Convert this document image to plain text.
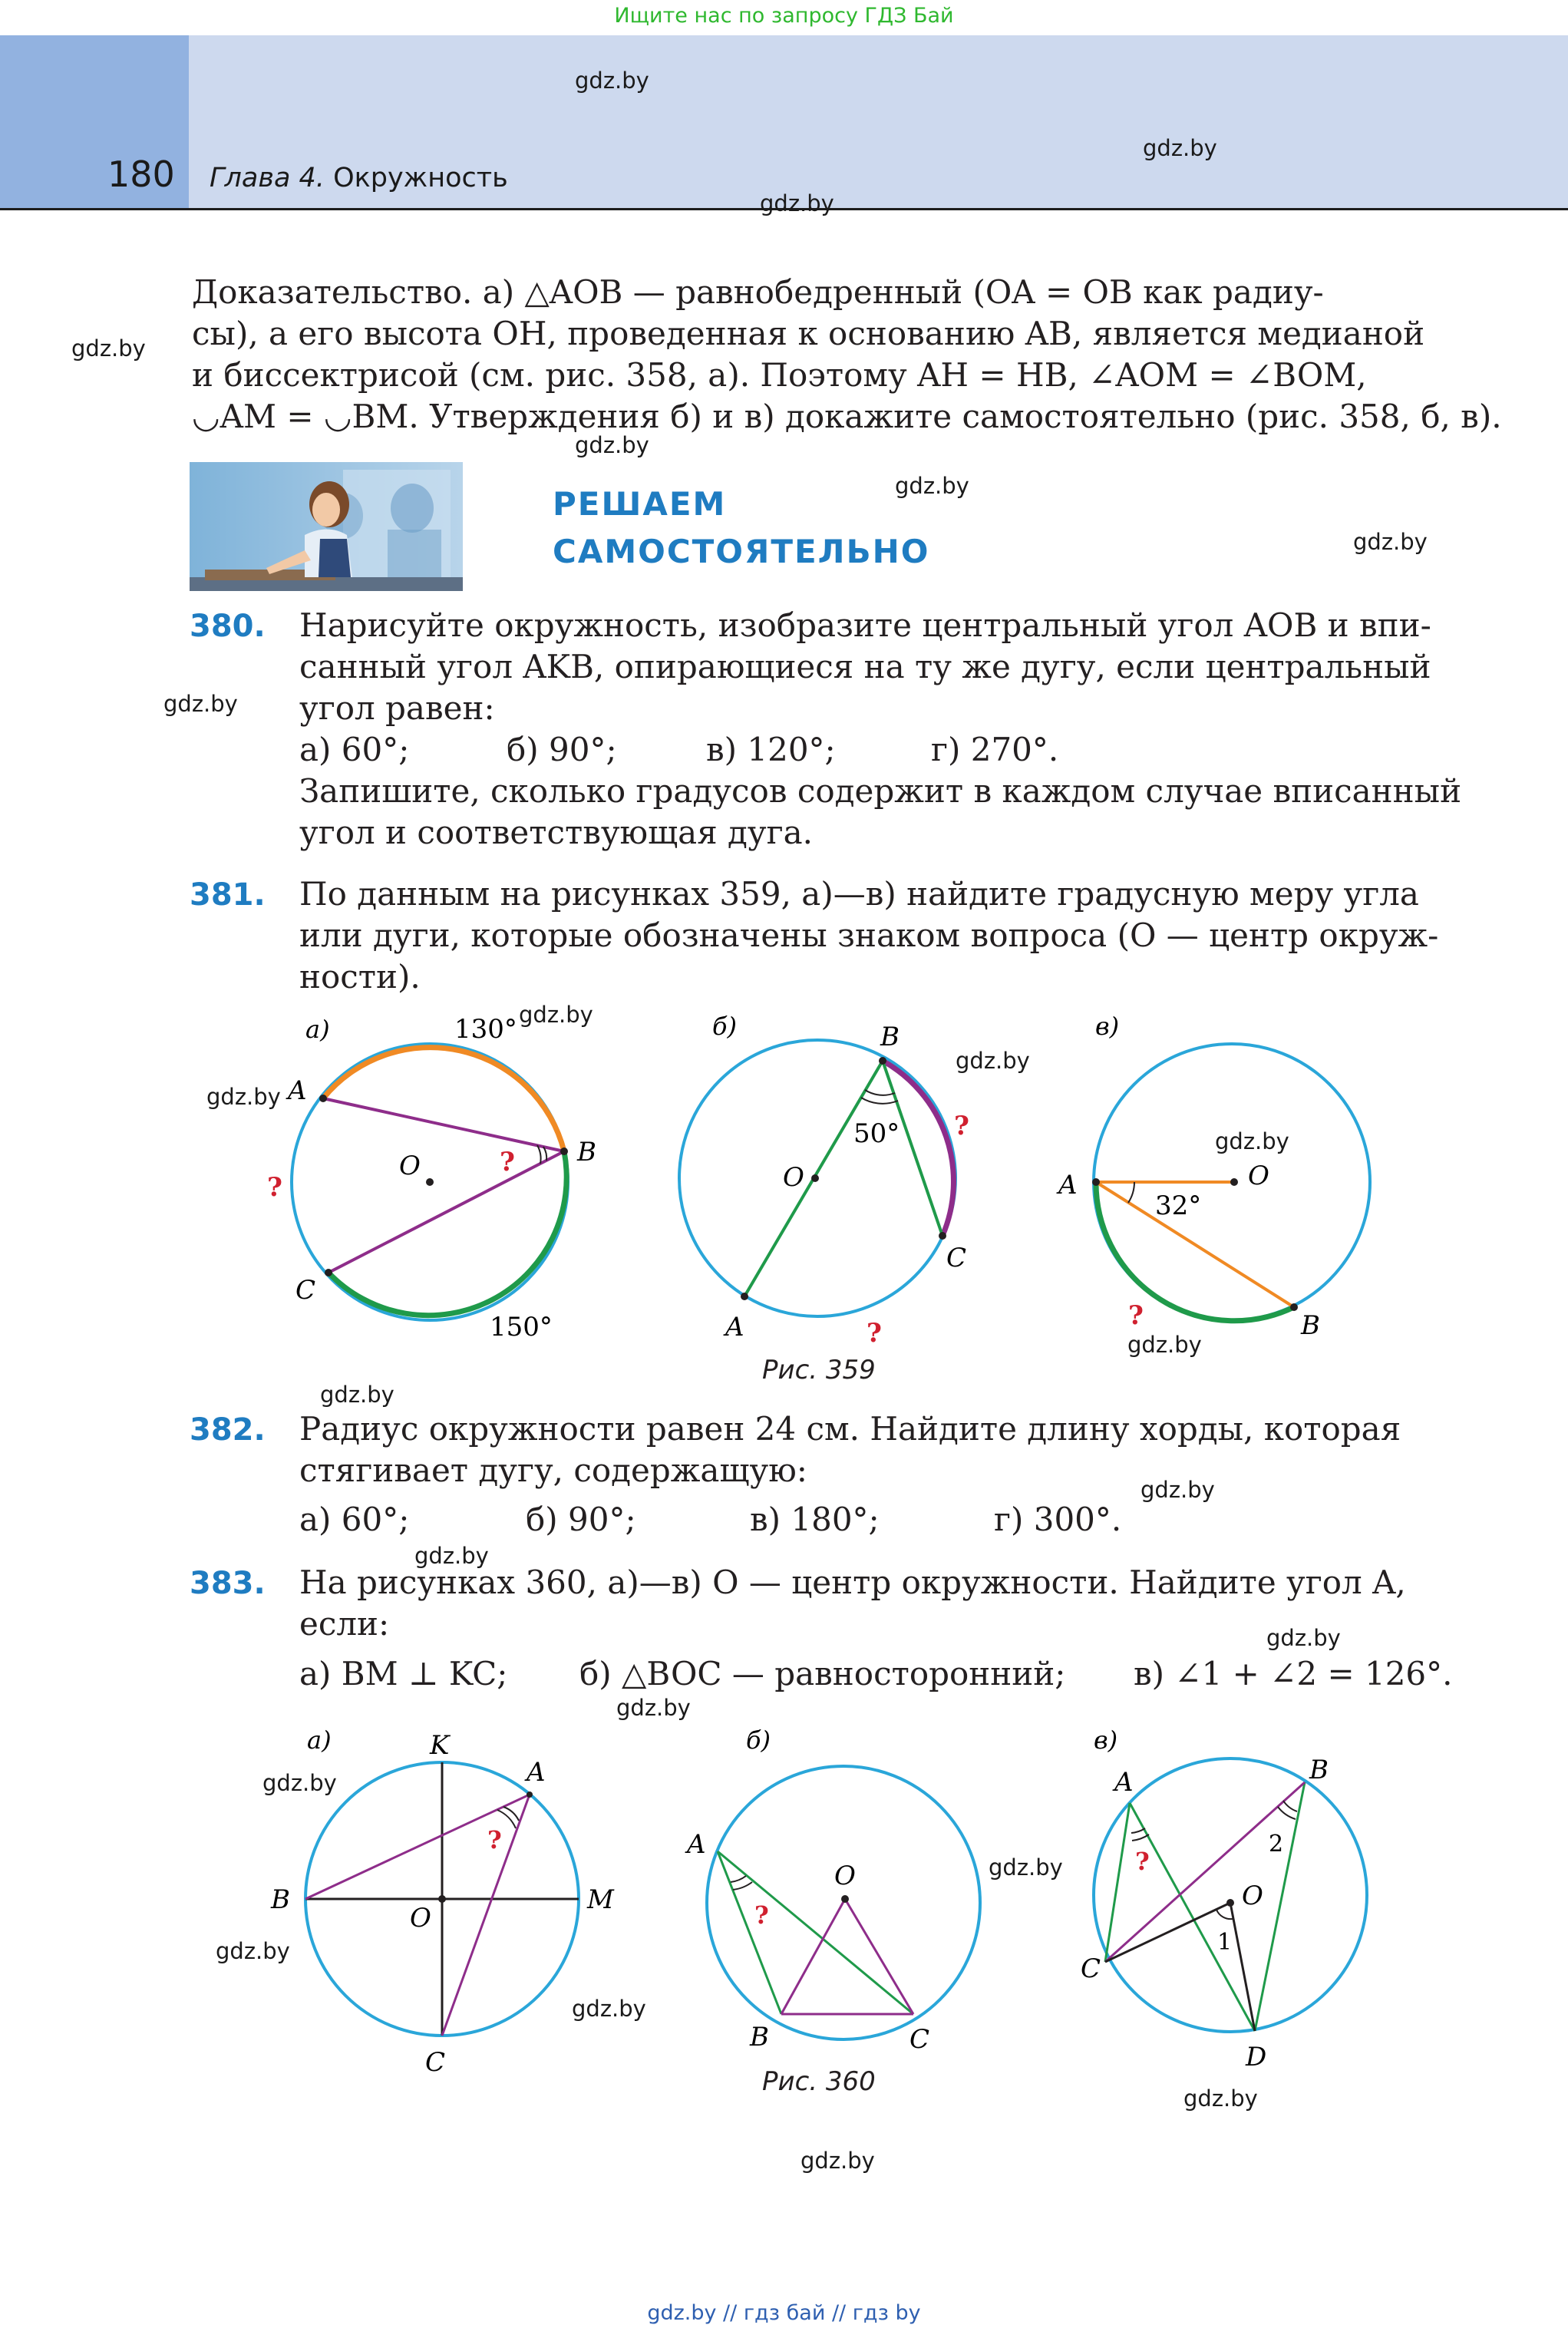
Ищите нас по запросу ГДЗ Бай
180 Глава 4. Окружность
gdz.by
gdz.by
gdz.by
gdz.by
gdz.by
gdz.by
gdz.by
gdz.by
gdz.by
gdz.by
gdz.by
gdz.by
gdz.by
gdz.by
gdz.by
gdz.by
gdz.by
gdz.by
gdz.by
gdz.by
gdz.by
gdz.by
gdz.by
gdz.by
Доказательство. а) △AOB — равнобедренный (OA = OB как радиу-
сы), а его высота OH, проведенная к основанию AB, является медианой
и биссектрисой (см. рис. 358, а). Поэтому AH = HB, ∠AOM = ∠BOM,
◡AM = ◡BM. Утверждения б) и в) докажите самостоятельно (рис. 358, б, в).
РЕШАЕМ
САМОСТОЯТЕЛЬНО
380. Нарисуйте окружность, изобразите центральный угол AOB и впи-
санный угол AKB, опирающиеся на ту же дугу, если центральный
угол равен:
а) 60°;	б) 90°;	в) 120°;	г) 270°.
Запишите, сколько градусов содержит в каждом случае вписанный
угол и соответствующая дуга.
381. По данным на рисунках 359, а)—в) найдите градусную меру угла
или дуги, которые обозначены знаком вопроса (O — центр окруж-
ности).
а)
A
B
C
O
130°
150°
?
?
б)	B
C
A
O
50° ?
?
в)
A	O
B
32°
?
Рис. 359
382. Радиус окружности равен 24 см. Найдите длину хорды, которая
стягивает дугу, содержащую:
а) 60°;	б) 90°;	в) 180°;	г) 300°.
383. На рисунках 360, а)—в) O — центр окружности. Найдите угол A,
если:
а) BM ⊥ KC; б) △BOC — равносторонний; в) ∠1 + ∠2 = 126°.
а)	K
A
B	M
O
C
?
б)
A
O
B	C
?
в)
A	B
C
D
O
1
2
?
Рис. 360
gdz.by // гдз бай // гдз by
